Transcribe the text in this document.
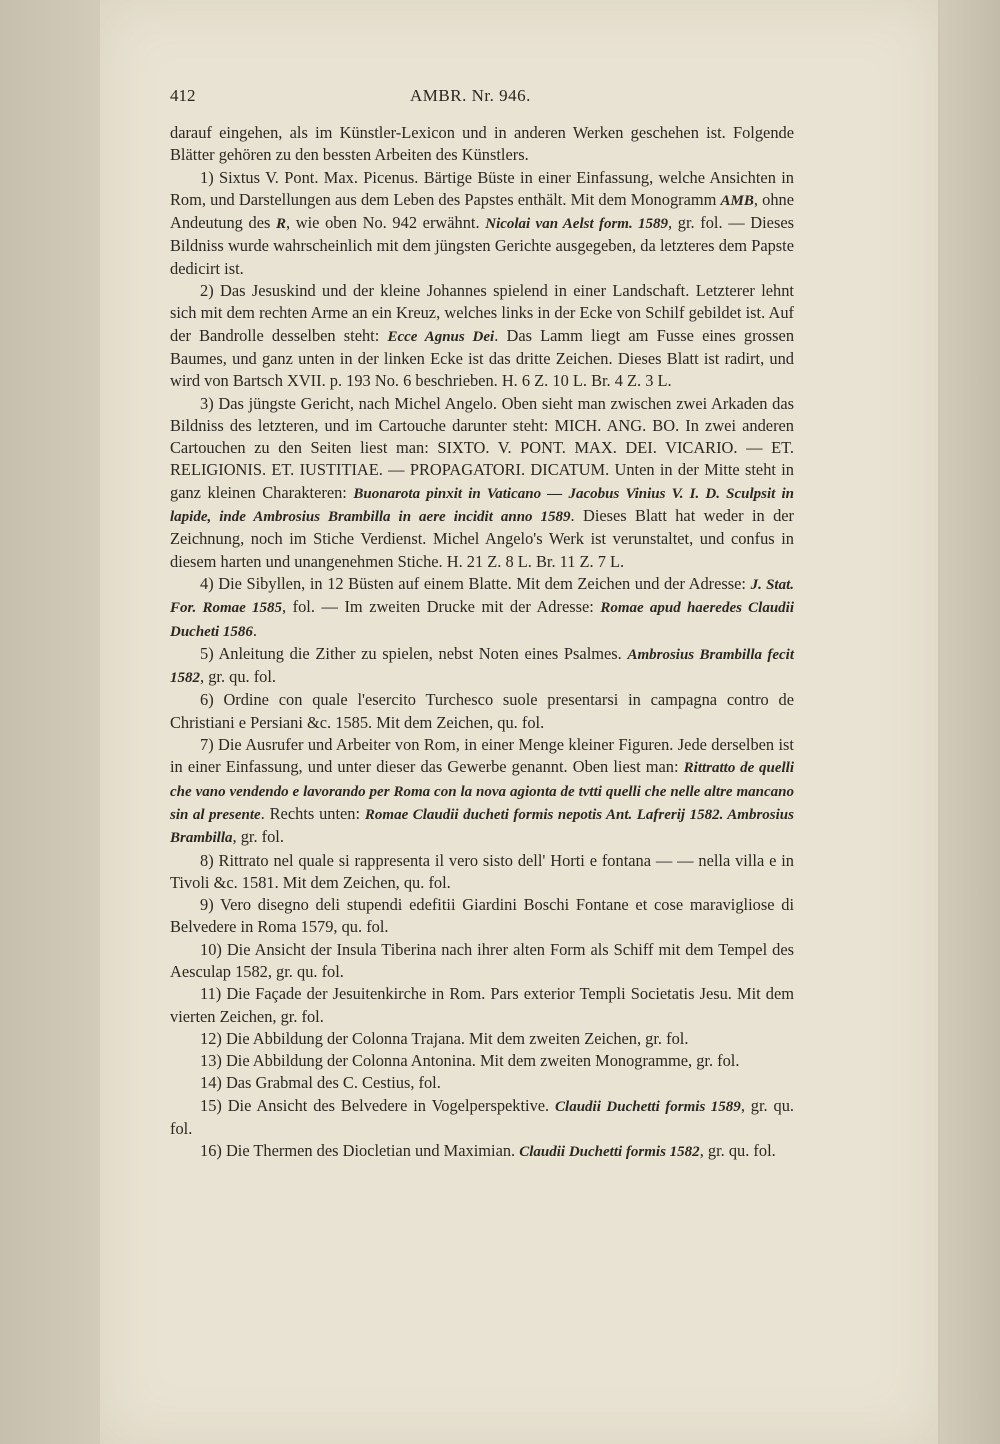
412	AMBR. Nr. 946.

darauf eingehen, als im Künstler-Lexicon und in anderen Werken geschehen ist. Folgende Blätter gehören zu den bessten Arbeiten des Künstlers.

1) Sixtus V. Pont. Max. Picenus. Bärtige Büste in einer Einfassung, welche Ansichten in Rom, und Darstellungen aus dem Leben des Papstes enthält. Mit dem Monogramm AMB, ohne Andeutung des R, wie oben No. 942 erwähnt. Nicolai van Aelst form. 1589, gr. fol. — Dieses Bildniss wurde wahrscheinlich mit dem jüngsten Gerichte ausgegeben, da letzteres dem Papste dedicirt ist.

2) Das Jesuskind und der kleine Johannes spielend in einer Landschaft. Letzterer lehnt sich mit dem rechten Arme an ein Kreuz, welches links in der Ecke von Schilf gebildet ist. Auf der Bandrolle desselben steht: Ecce Agnus Dei. Das Lamm liegt am Fusse eines grossen Baumes, und ganz unten in der linken Ecke ist das dritte Zeichen. Dieses Blatt ist radirt, und wird von Bartsch XVII. p. 193 No. 6 beschrieben. H. 6 Z. 10 L. Br. 4 Z. 3 L.

3) Das jüngste Gericht, nach Michel Angelo. Oben sieht man zwischen zwei Arkaden das Bildniss des letzteren, und im Cartouche darunter steht: MICH. ANG. BO. In zwei anderen Cartouchen zu den Seiten liest man: SIXTO. V. PONT. MAX. DEI. VICARIO. — ET. RELIGIONIS. ET. IUSTITIAE. — PROPAGATORI. DICATUM. Unten in der Mitte steht in ganz kleinen Charakteren: Buonarota pinxit in Vaticano — Jacobus Vinius V. I. D. Sculpsit in lapide, inde Ambrosius Brambilla in aere incidit anno 1589. Dieses Blatt hat weder in der Zeichnung, noch im Stiche Verdienst. Michel Angelo's Werk ist verunstaltet, und confus in diesem harten und unangenehmen Stiche. H. 21 Z. 8 L. Br. 11 Z. 7 L.

4) Die Sibyllen, in 12 Büsten auf einem Blatte. Mit dem Zeichen und der Adresse: J. Stat. For. Romae 1585, fol. — Im zweiten Drucke mit der Adresse: Romae apud haeredes Claudii Ducheti 1586.

5) Anleitung die Zither zu spielen, nebst Noten eines Psalmes. Ambrosius Brambilla fecit 1582, gr. qu. fol.

6) Ordine con quale l'esercito Turchesco suole presentarsi in campagna contro de Christiani e Persiani &c. 1585. Mit dem Zeichen, qu. fol.

7) Die Ausrufer und Arbeiter von Rom, in einer Menge kleiner Figuren. Jede derselben ist in einer Einfassung, und unter dieser das Gewerbe genannt. Oben liest man: Rittratto de quelli che vano vendendo e lavorando per Roma con la nova agionta de tvtti quelli che nelle altre mancano sin al presente. Rechts unten: Romae Claudii ducheti formis nepotis Ant. Lafrerij 1582. Ambrosius Brambilla, gr. fol.

8) Rittrato nel quale si rappresenta il vero sisto dell' Horti e fontana — — nella villa e in Tivoli &c. 1581. Mit dem Zeichen, qu. fol.

9) Vero disegno deli stupendi edefitii Giardini Boschi Fontane et cose maravigliose di Belvedere in Roma 1579, qu. fol.

10) Die Ansicht der Insula Tiberina nach ihrer alten Form als Schiff mit dem Tempel des Aesculap 1582, gr. qu. fol.

11) Die Façade der Jesuitenkirche in Rom. Pars exterior Templi Societatis Jesu. Mit dem vierten Zeichen, gr. fol.

12) Die Abbildung der Colonna Trajana. Mit dem zweiten Zeichen, gr. fol.

13) Die Abbildung der Colonna Antonina. Mit dem zweiten Monogramme, gr. fol.

14) Das Grabmal des C. Cestius, fol.

15) Die Ansicht des Belvedere in Vogelperspektive. Claudii Duchetti formis 1589, gr. qu. fol.

16) Die Thermen des Diocletian und Maximian. Claudii Duchetti formis 1582, gr. qu. fol.
